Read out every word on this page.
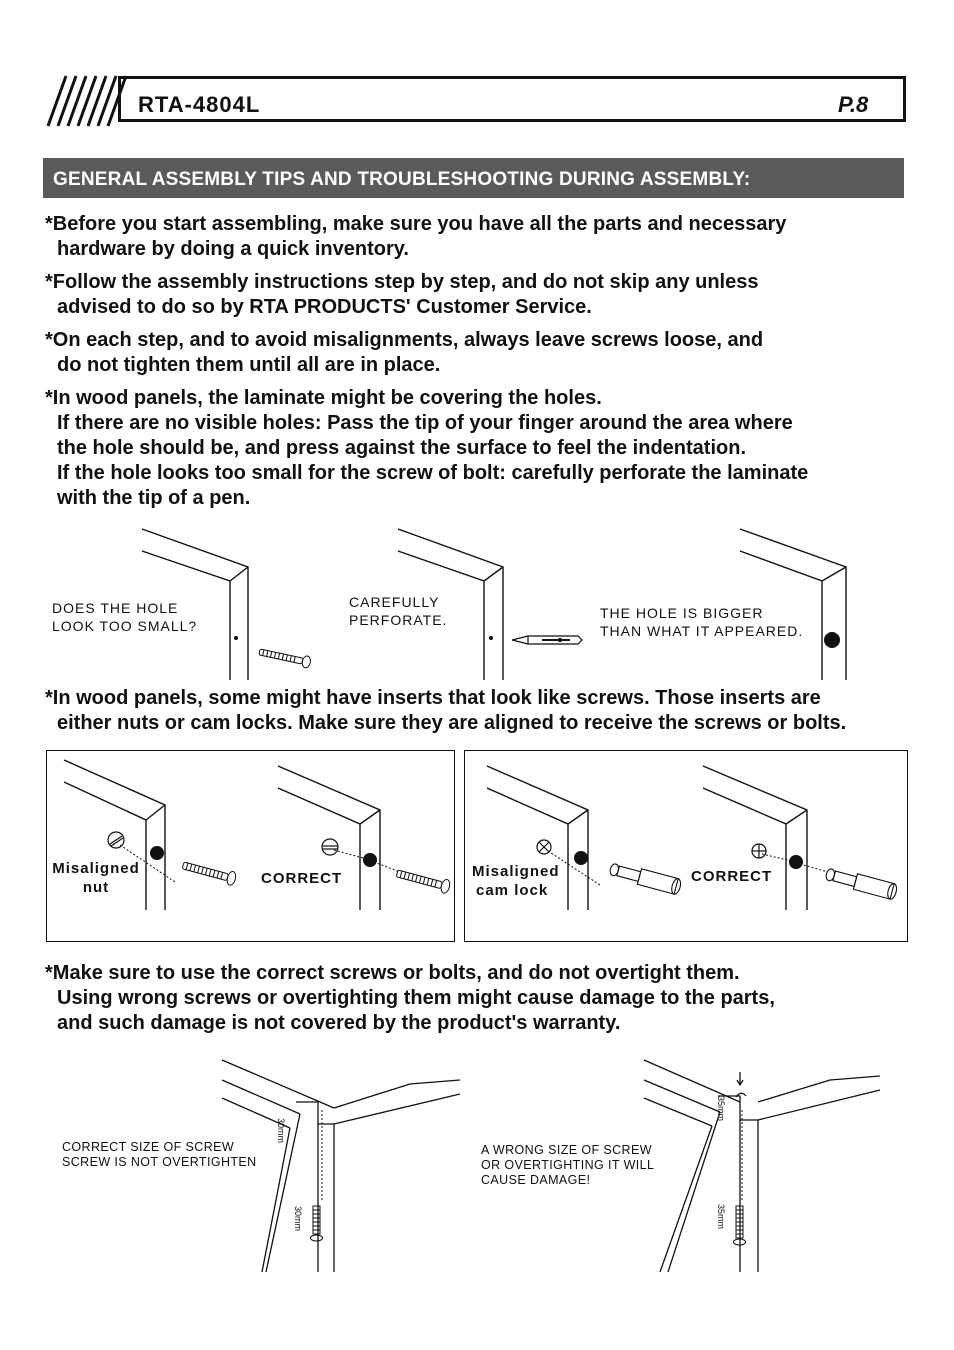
RTA-4804L	P.8
GENERAL ASSEMBLY TIPS AND TROUBLESHOOTING DURING ASSEMBLY:
*Before you start assembling, make sure you have all the parts and necessary
hardware by doing a quick inventory.
*Follow the assembly instructions step by step, and do not skip any unless
advised to do so by RTA PRODUCTS' Customer Service.
*On each step, and to avoid misalignments, always leave screws loose, and
do not tighten them until all are in place.
*In wood panels, the laminate might be covering the holes.
If there are no visible holes: Pass the tip of your finger around the area where
the hole should be, and press against the surface to feel the indentation.
If the hole looks too small for the screw of bolt: carefully perforate the laminate
with the tip of a pen.
DOES THE HOLE
LOOK TOO SMALL?
CAREFULLY
PERFORATE.	THE HOLE IS BIGGER
THAN WHAT IT APPEARED.
*In wood panels, some might have inserts that look like screws. Those inserts are
either nuts or cam locks. Make sure they are aligned to receive the screws or bolts.
Misaligned
nut
CORRECT	Misaligned
cam lock
CORRECT
*Make sure to use the correct screws or bolts, and do not overtight them.
Using wrong screws or overtighting them might cause damage to the parts,
and such damage is not covered by the product's warranty.
30mm
30mm
35mm
35mm
CORRECT SIZE OF SCREW
SCREW IS NOT OVERTIGHTEN
A WRONG SIZE OF SCREW
OR OVERTIGHTING IT WILL
CAUSE DAMAGE!
